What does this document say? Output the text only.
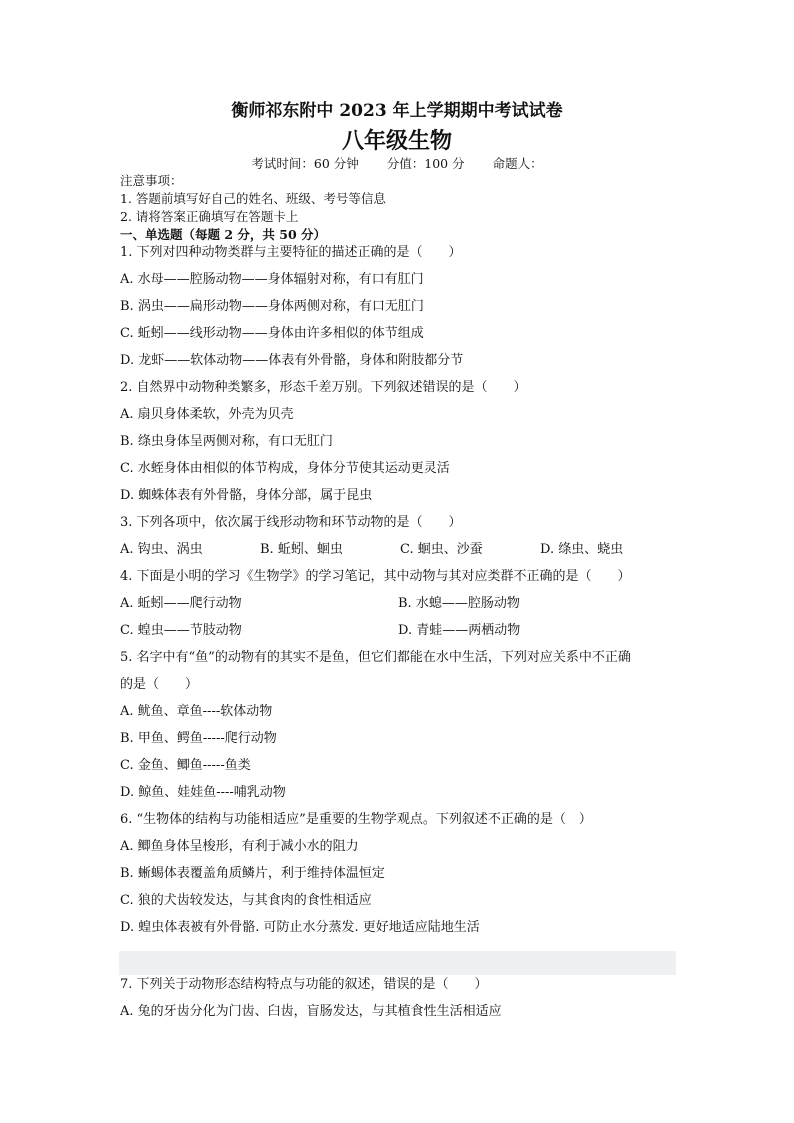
衡师祁东附中 2023 年上学期期中考试试卷
八年级生物
考试时间：60 分钟 分值：100 分 命题人：
注意事项：
1. 答题前填写好自己的姓名、班级、考号等信息
2. 请将答案正确填写在答题卡上
一、单选题（每题 2 分，共 50 分）
1. 下列对四种动物类群与主要特征的描述正确的是（　　）
A. 水母——腔肠动物——身体辐射对称，有口有肛门
B. 涡虫——扁形动物——身体两侧对称，有口无肛门
C. 蚯蚓——线形动物——身体由许多相似的体节组成
D. 龙虾——软体动物——体表有外骨骼，身体和附肢都分节
2. 自然界中动物种类繁多，形态千差万别。下列叙述错误的是（　　）
A. 扇贝身体柔软，外壳为贝壳
B. 绦虫身体呈两侧对称，有口无肛门
C. 水蛭身体由相似的体节构成，身体分节使其运动更灵活
D. 蜘蛛体表有外骨骼，身体分部，属于昆虫
3. 下列各项中，依次属于线形动物和环节动物的是（　　）
A. 钩虫、涡虫	B. 蚯蚓、蛔虫	C. 蛔虫、沙蚕	D. 绦虫、蛲虫
4. 下面是小明的学习《生物学》的学习笔记，其中动物与其对应类群不正确的是（　　）
A. 蚯蚓——爬行动物	B. 水螅——腔肠动物
C. 蝗虫——节肢动物	D. 青蛙——两栖动物
5. 名字中有“鱼”的动物有的其实不是鱼，但它们都能在水中生活，下列对应关系中不正确
的是（　　）
A. 鱿鱼、章鱼----软体动物
B. 甲鱼、鳄鱼-----爬行动物
C. 金鱼、鲫鱼-----鱼类
D. 鲸鱼、娃娃鱼----哺乳动物
6. “生物体的结构与功能相适应”是重要的生物学观点。下列叙述不正确的是（　）
A. 鲫鱼身体呈梭形，有利于减小水的阻力
B. 蜥蜴体表覆盖角质鳞片，利于维持体温恒定
C. 狼的犬齿较发达，与其食肉的食性相适应
D. 蝗虫体表被有外骨骼. 可防止水分蒸发. 更好地适应陆地生活
7. 下列关于动物形态结构特点与功能的叙述，错误的是（　　）
A. 兔的牙齿分化为门齿、臼齿，盲肠发达，与其植食性生活相适应
